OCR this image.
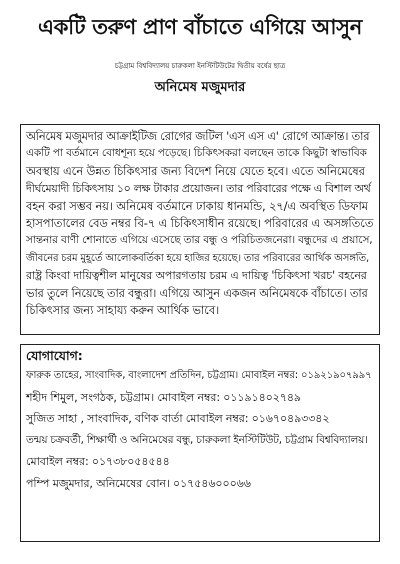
একটি তরুণ প্রাণ বাঁচাতে এগিয়ে আসুন
চট্টগ্রাম বিশ্ববিদ্যালয় চারুকলা ইনস্টিটিউটের দ্বিতীয় বর্ষের ছাত্র
অনিমেষ মজুমদার
অনিমেষ মজুমদার আক্রাইটিজ রোগের জটিল 'এস এস এ' রোগে আক্রান্ত। তার
একটি পা বর্তমানে বোধশূন্য হয়ে পড়েছে। চিকিৎসকরা বলছেন তাকে কিছুটা স্বাভাবিক
অবস্থায় এনে উন্নত চিকিৎসার জন্য বিদেশ নিয়ে যেতে হবে। এতে অনিমেষের
দীর্ঘমেয়াদী চিকিৎসায় ১০ লক্ষ টাকার প্রয়োজন। তার পরিবারের পক্ষে এ বিশাল অর্থ
বহন করা সম্ভব নয়। অনিমেষ বর্তমানে ঢাকায় ধানমন্ডি, ২৭/এ অবস্থিত ডিফাম
হাসপাতালের বেড নম্বর বি-৭ এ চিকিৎসাধীন রয়েছে। পরিবারের এ অসঙ্গতিতে
সান্তনার বাণী শোনাতে এগিয়ে এসেছে তার বন্ধু ও পরিচিতজনেরা। বন্ধুদের এ প্রয়াসে,
জীবনের চরম মুহূর্তে আলোকবর্তিকা হয়ে হাজির হয়েছে। তার পরিবারের আর্থিক অসঙ্গতি,
রাষ্ট্র কিংবা দায়িত্বশীল মানুষের অপারগতায় চরম এ দায়িত্ব 'চিকিৎসা খরচ' বহনের
ভার তুলে নিয়েছে তার বন্ধুরা। এগিয়ে আসুন একজন অনিমেষকে বাঁচাতে। তার
চিকিৎসার জন্য সাহায্য করুন আর্থিক ভাবে।
যোগাযোগ:
ফারুক তাহের, সাংবাদিক, বাংলাদেশ প্রতিদিন, চট্টগ্রাম। মোবাইল নম্বর: ০১৯২১৯০৭৯৯৭
শহীদ শিমুল, সংগঠক, চট্টগ্রাম। মোবাইল নম্বর: ০১১৯১৪০২৭৪৯
সুজিত সাহা , সাংবাদিক, বণিক বার্তা মোবাইল নম্বর: ০১৬৭০৪৯৩৩৪২
তন্ময় চক্রবর্তী, শিক্ষার্থী ও অনিমেষের বন্ধু, চারুকলা ইনস্টিটিউট, চট্টগ্রাম বিশ্ববিদ্যালয়।
মোবাইল নম্বর: ০১৭৩৮০৫৪৫৪৪
পম্পি মজুমদার, অনিমেষের বোন। ০১৭৫৪৬০০০৬৬
